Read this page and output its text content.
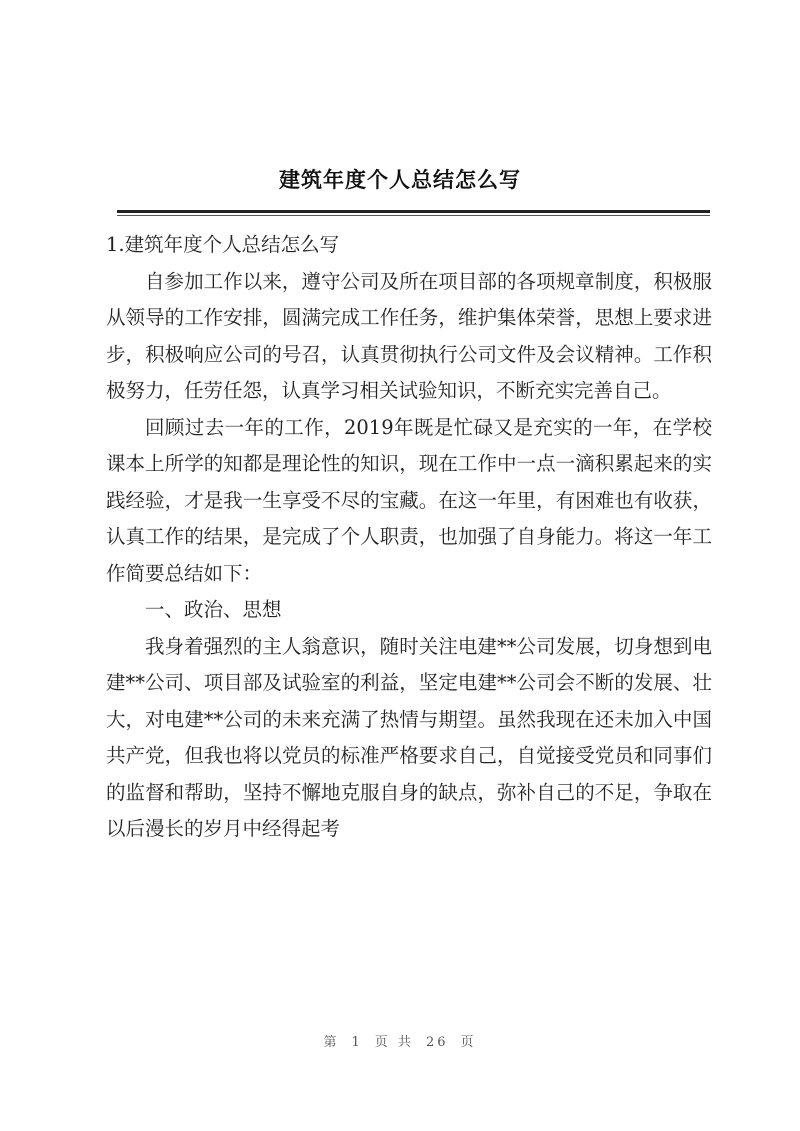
建筑年度个人总结怎么写

1.建筑年度个人总结怎么写

自参加工作以来，遵守公司及所在项目部的各项规章制度，积极服从领导的工作安排，圆满完成工作任务，维护集体荣誉，思想上要求进步，积极响应公司的号召，认真贯彻执行公司文件及会议精神。工作积极努力，任劳任怨，认真学习相关试验知识，不断充实完善自己。

回顾过去一年的工作，2019年既是忙碌又是充实的一年，在学校课本上所学的知都是理论性的知识，现在工作中一点一滴积累起来的实践经验，才是我一生享受不尽的宝藏。在这一年里，有困难也有收获，认真工作的结果，是完成了个人职责，也加强了自身能力。将这一年工作简要总结如下：

一、政治、思想

我身着强烈的主人翁意识，随时关注电建**公司发展，切身想到电建**公司、项目部及试验室的利益，坚定电建**公司会不断的发展、壮大，对电建**公司的未来充满了热情与期望。虽然我现在还未加入中国共产党，但我也将以党员的标准严格要求自己，自觉接受党员和同事们的监督和帮助，坚持不懈地克服自身的缺点，弥补自己的不足，争取在以后漫长的岁月中经得起考

第 1 页 共 26 页
